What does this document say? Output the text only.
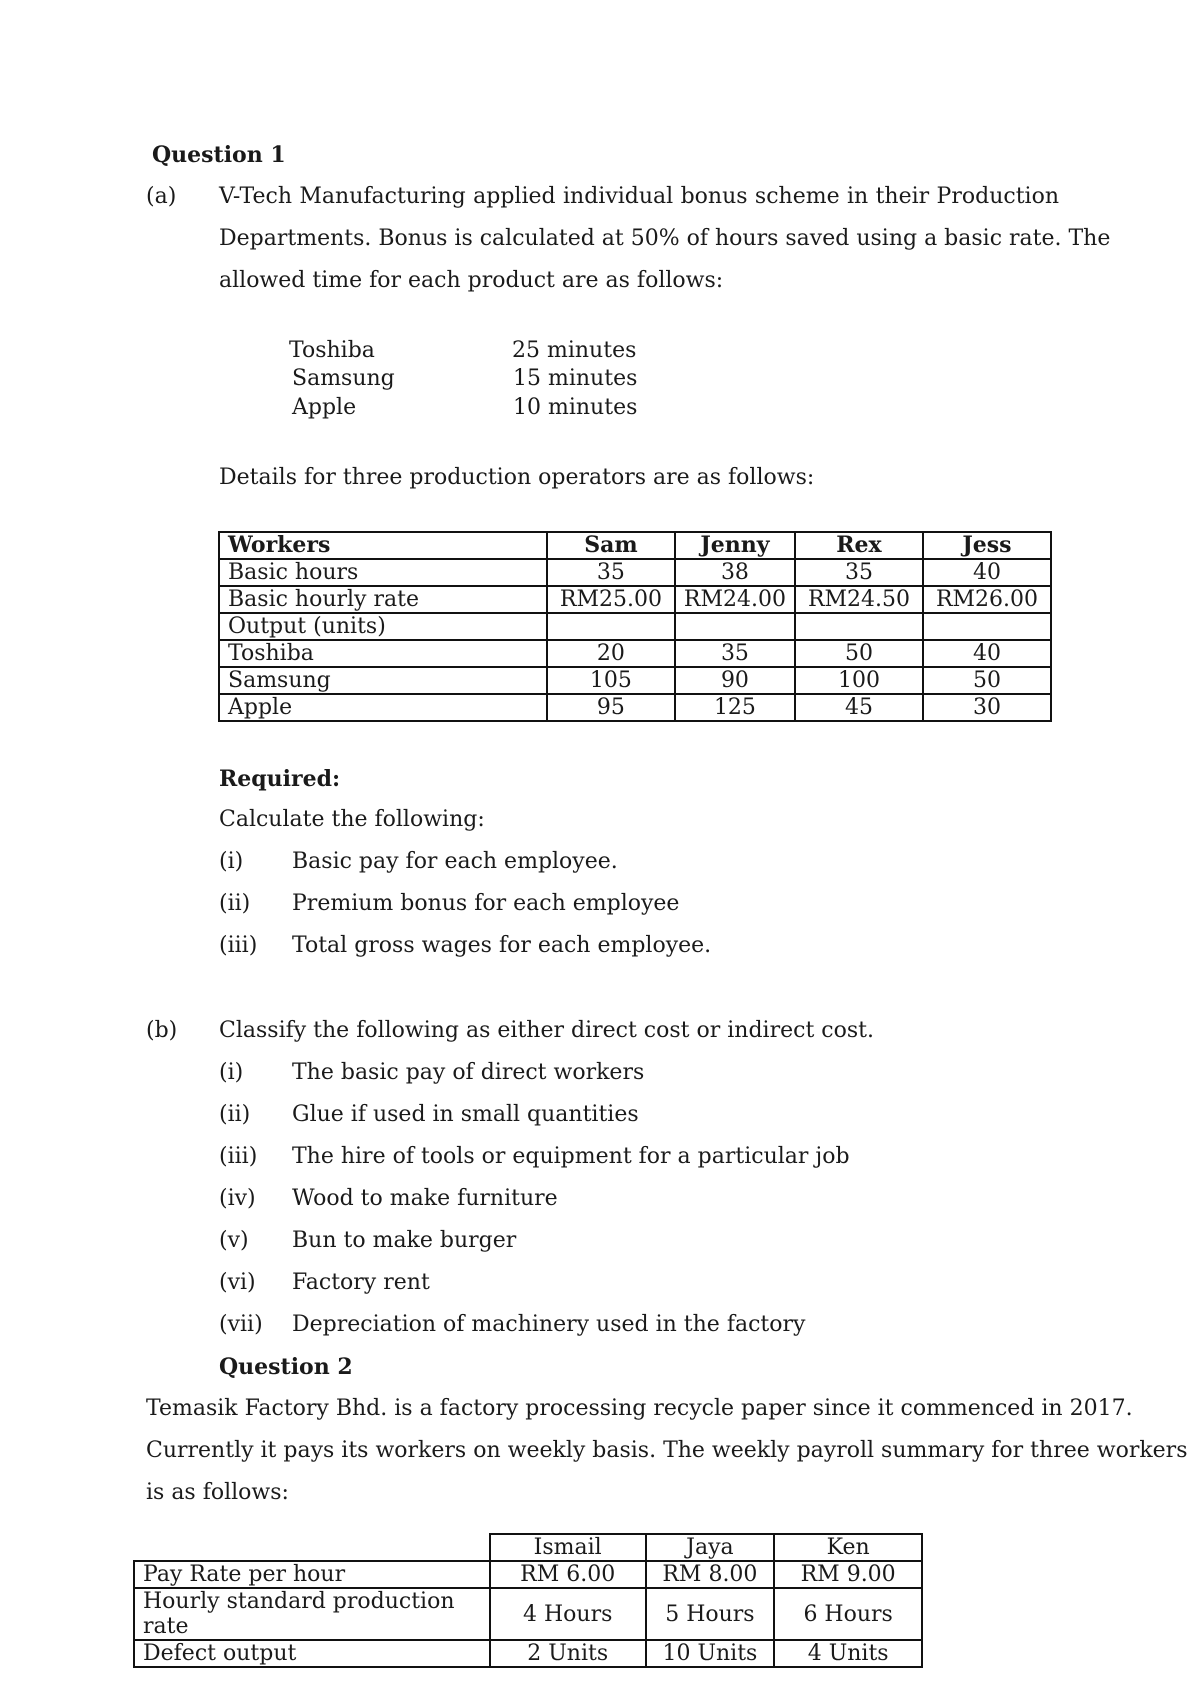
Question 1
(a) V-Tech Manufacturing applied individual bonus scheme in their Production
Departments. Bonus is calculated at 50% of hours saved using a basic rate. The
allowed time for each product are as follows:
Toshiba	25 minutes
Samsung	15 minutes
Apple	10 minutes
Details for three production operators are as follows:
Workers	Sam	Jenny	Rex	Jess
Basic hours	35	38	35	40
Basic hourly rate	RM25.00	RM24.00	RM24.50	RM26.00
Output (units)				
Toshiba	20	35	50	40
Samsung	105	90	100	50
Apple	95	125	45	30
Required:
Calculate the following:
(i) Basic pay for each employee.
(ii) Premium bonus for each employee
(iii) Total gross wages for each employee.
(b) Classify the following as either direct cost or indirect cost.
(i) The basic pay of direct workers
(ii) Glue if used in small quantities
(iii) The hire of tools or equipment for a particular job
(iv) Wood to make furniture
(v) Bun to make burger
(vi) Factory rent
(vii) Depreciation of machinery used in the factory
Question 2
Temasik Factory Bhd. is a factory processing recycle paper since it commenced in 2017.
Currently it pays its workers on weekly basis. The weekly payroll summary for three workers
is as follows:
	Ismail	Jaya	Ken
Pay Rate per hour	RM 6.00	RM 8.00	RM 9.00
Hourly standard production rate	4 Hours	5 Hours	6 Hours
Defect output	2 Units	10 Units	4 Units
